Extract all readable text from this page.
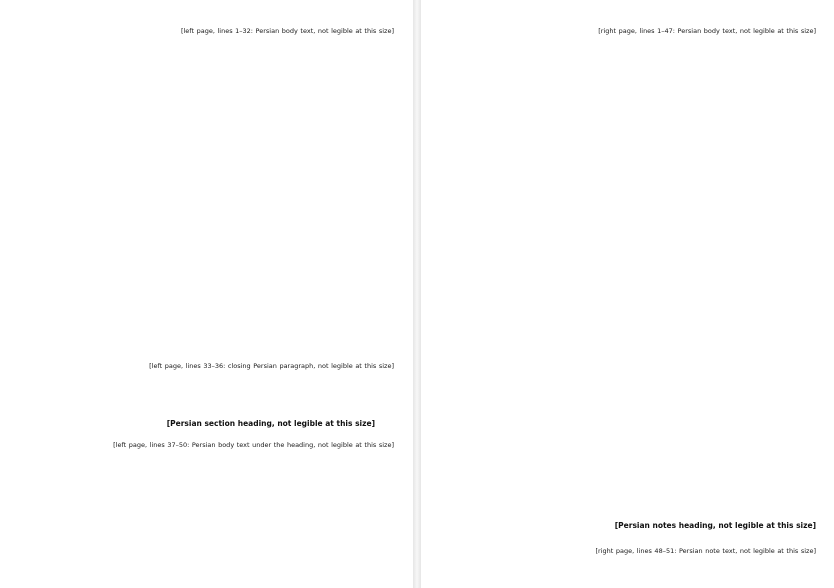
[left page, lines 1–32: Persian body text, not legible at this size]

[left page, lines 33–36: closing Persian paragraph, not legible at this size]

[Persian section heading, not legible at this size]

[left page, lines 37–50: Persian body text under the heading, not legible at this size]

[right page, lines 1–47: Persian body text, not legible at this size]

[Persian notes heading, not legible at this size]

[right page, lines 48–51: Persian note text, not legible at this size]
